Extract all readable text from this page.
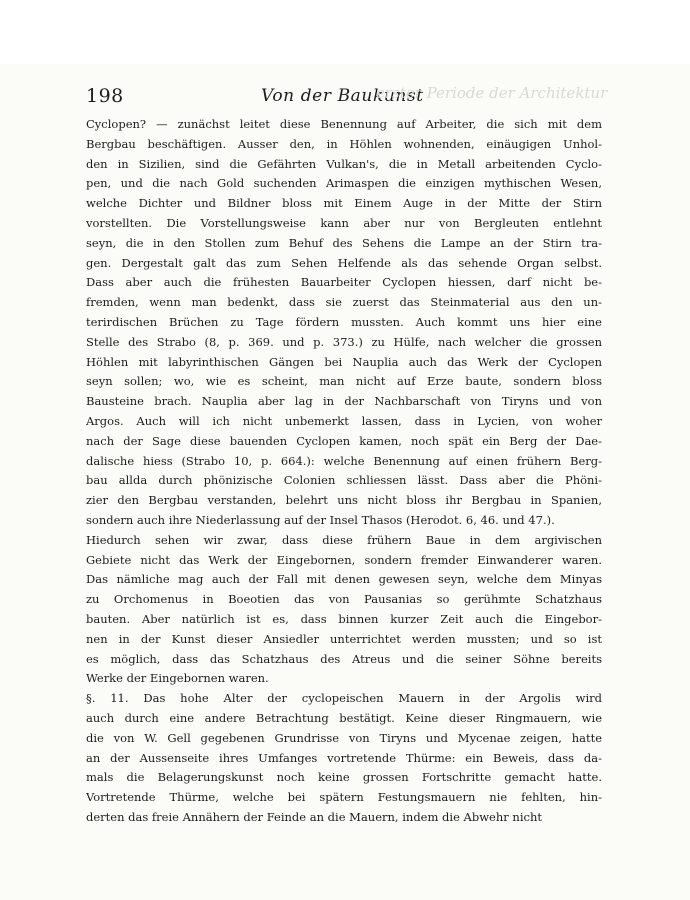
198	Von der Baukunst
erster Periode der Architektur
Cyclopen? — zunächst leitet diese Benennung auf Arbeiter, die sich mit dem
Bergbau beschäftigen. Ausser den, in Höhlen wohnenden, einäugigen Unhol-
den in Sizilien, sind die Gefährten Vulkan's, die in Metall arbeitenden Cyclo-
pen, und die nach Gold suchenden Arimaspen die einzigen mythischen Wesen,
welche Dichter und Bildner bloss mit Einem Auge in der Mitte der Stirn
vorstellten. Die Vorstellungsweise kann aber nur von Bergleuten entlehnt
seyn, die in den Stollen zum Behuf des Sehens die Lampe an der Stirn tra-
gen. Dergestalt galt das zum Sehen Helfende als das sehende Organ selbst.
Dass aber auch die frühesten Bauarbeiter Cyclopen hiessen, darf nicht be-
fremden, wenn man bedenkt, dass sie zuerst das Steinmaterial aus den un-
terirdischen Brüchen zu Tage fördern mussten. Auch kommt uns hier eine
Stelle des Strabo (8, p. 369. und p. 373.) zu Hülfe, nach welcher die grossen
Höhlen mit labyrinthischen Gängen bei Nauplia auch das Werk der Cyclopen
seyn sollen; wo, wie es scheint, man nicht auf Erze baute, sondern bloss
Bausteine brach. Nauplia aber lag in der Nachbarschaft von Tiryns und von
Argos. Auch will ich nicht unbemerkt lassen, dass in Lycien, von woher
nach der Sage diese bauenden Cyclopen kamen, noch spät ein Berg der Dae-
dalische hiess (Strabo 10, p. 664.): welche Benennung auf einen frühern Berg-
bau allda durch phönizische Colonien schliessen lässt. Dass aber die Phöni-
zier den Bergbau verstanden, belehrt uns nicht bloss ihr Bergbau in Spanien,
sondern auch ihre Niederlassung auf der Insel Thasos (Herodot. 6, 46. und 47.).
Hiedurch sehen wir zwar, dass diese frühern Baue in dem argivischen
Gebiete nicht das Werk der Eingebornen, sondern fremder Einwanderer waren.
Das nämliche mag auch der Fall mit denen gewesen seyn, welche dem Minyas
zu Orchomenus in Boeotien das von Pausanias so gerühmte Schatzhaus
bauten. Aber natürlich ist es, dass binnen kurzer Zeit auch die Eingebor-
nen in der Kunst dieser Ansiedler unterrichtet werden mussten; und so ist
es möglich, dass das Schatzhaus des Atreus und die seiner Söhne bereits
Werke der Eingebornen waren.
§. 11. Das hohe Alter der cyclopeischen Mauern in der Argolis wird
auch durch eine andere Betrachtung bestätigt. Keine dieser Ringmauern, wie
die von W. Gell gegebenen Grundrisse von Tiryns und Mycenae zeigen, hatte
an der Aussenseite ihres Umfanges vortretende Thürme: ein Beweis, dass da-
mals die Belagerungskunst noch keine grossen Fortschritte gemacht hatte.
Vortretende Thürme, welche bei spätern Festungsmauern nie fehlten, hin-
derten das freie Annähern der Feinde an die Mauern, indem die Abwehr nicht
